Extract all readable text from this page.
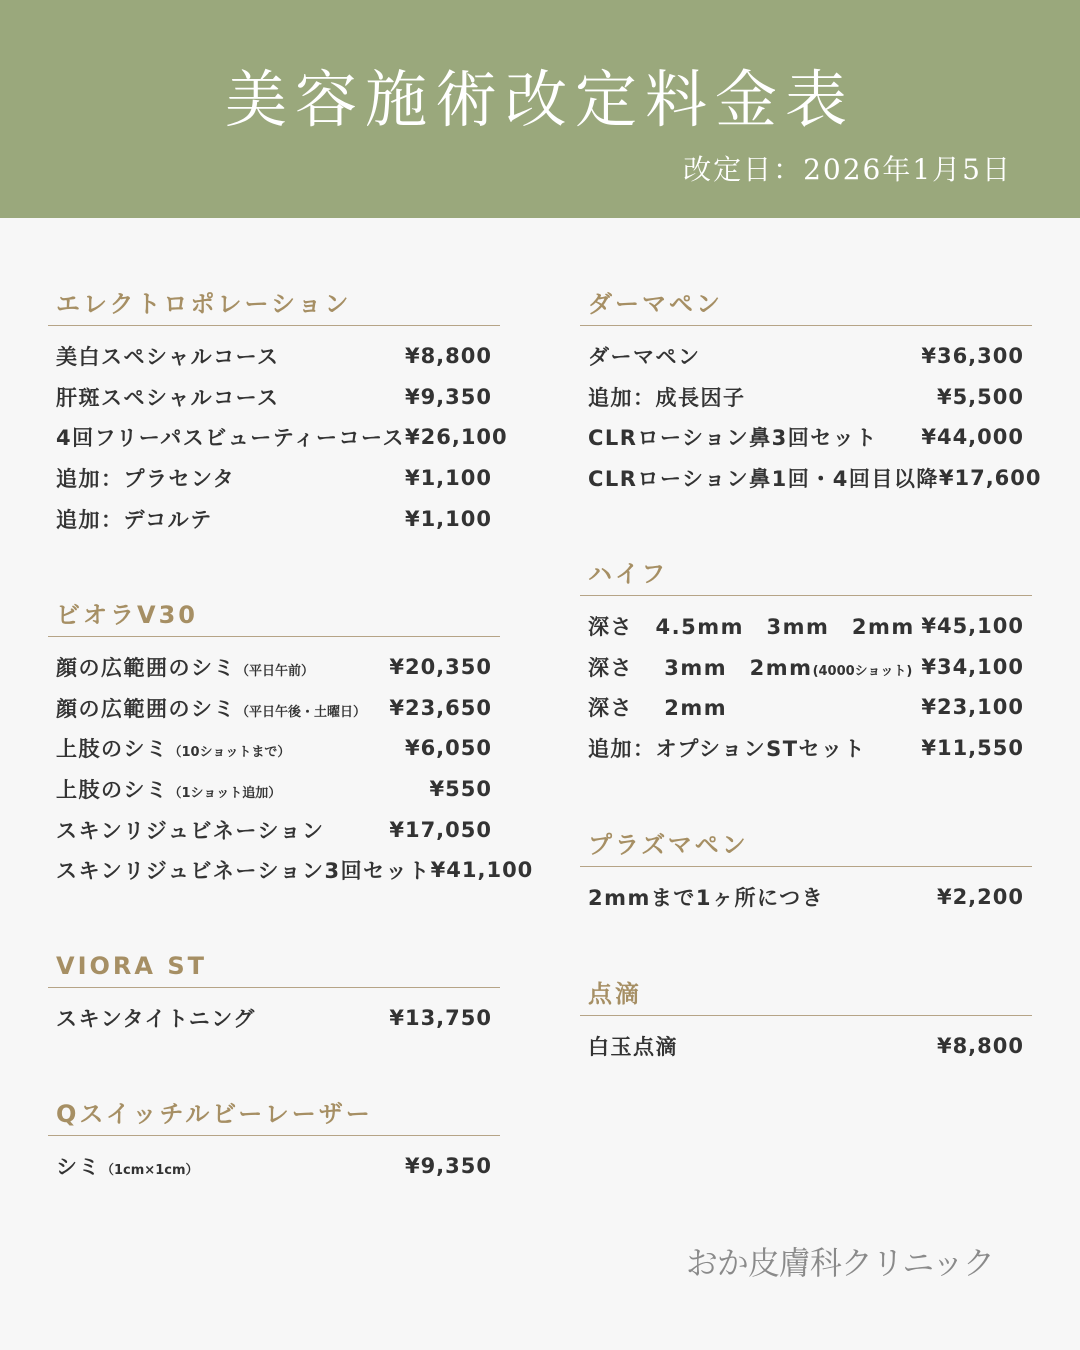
美容施術改定料金表
改定日：2026年1月5日
エレクトロポレーション
美白スペシャルコース	¥8,800
肝斑スペシャルコース	¥9,350
4回フリーパスビューティーコース ¥26,100
追加：プラセンタ	¥1,100
追加：デコルテ	¥1,100
ビオラV30
顔の広範囲のシミ（平日午前）	¥20,350
顔の広範囲のシミ（平日午後・土曜日） ¥23,650
上肢のシミ（10ショットまで）	¥6,050
上肢のシミ（1ショット追加）	¥550
スキンリジュビネーション	¥17,050
スキンリジュビネーション3回セット ¥41,100
VIORA ST
スキンタイトニング	¥13,750
Qスイッチルビーレーザー
シミ（1cm×1cm）	¥9,350
ダーマペン
ダーマペン	¥36,300
追加：成長因子	¥5,500
CLRローション鼻3回セット ¥44,000
CLRローション鼻1回・4回目以降 ¥17,600
ハイフ
深さ　4.5mm　3mm　2mm ¥45,100
深さ　 3mm　2mm(4000ショット) ¥34,100
深さ　 2mm	¥23,100
追加：オプションSTセット	¥11,550
プラズマペン
2mmまで1ヶ所につき	¥2,200
点滴
白玉点滴	¥8,800
おか皮膚科クリニック
